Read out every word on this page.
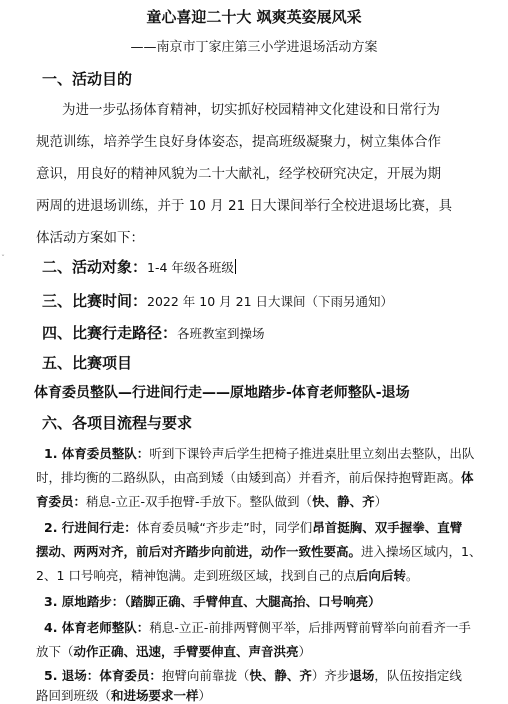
ˇ
童心喜迎二十大 飒爽英姿展风采
——南京市丁家庄第三小学进退场活动方案
一、活动目的
为进一步弘扬体育精神，切实抓好校园精神文化建设和日常行为
规范训练，培养学生良好身体姿态，提高班级凝聚力，树立集体合作
意识，用良好的精神风貌为二十大献礼，经学校研究决定，开展为期
两周的进退场训练，并于 10 月 21 日大课间举行全校进退场比赛，具
体活动方案如下：
二、活动对象：1-4 年级各班级
三、比赛时间：2022 年 10 月 21 日大课间（下雨另通知）
四、比赛行走路径：各班教室到操场
五、比赛项目
体育委员整队—行进间行走——原地踏步-体育老师整队-退场
六、各项目流程与要求
1. 体育委员整队：听到下课铃声后学生把椅子推进桌肚里立刻出去整队，出队
时，排均衡的二路纵队，由高到矮（由矮到高）并看齐，前后保持抱臂距离。体
育委员：稍息-立正-双手抱臂-手放下。整队做到（快、静、齐）
2. 行进间行走：体育委员喊“齐步走”时，同学们昂首挺胸、双手握拳、直臂
摆动、两两对齐，前后对齐踏步向前进，动作一致性要高。进入操场区域内，1、
2、1 口号响亮，精神饱满。走到班级区域，找到自己的点后向后转。
3. 原地踏步：（踏脚正确、手臂伸直、大腿高抬、口号响亮）
4. 体育老师整队：稍息-立正-前排两臂侧平举，后排两臂前臂举向前看齐一手
放下（动作正确、迅速，手臂要伸直、声音洪亮）
5. 退场：体育委员：抱臂向前靠拢（快、静、齐）齐步退场，队伍按指定线
路回到班级（和进场要求一样）
